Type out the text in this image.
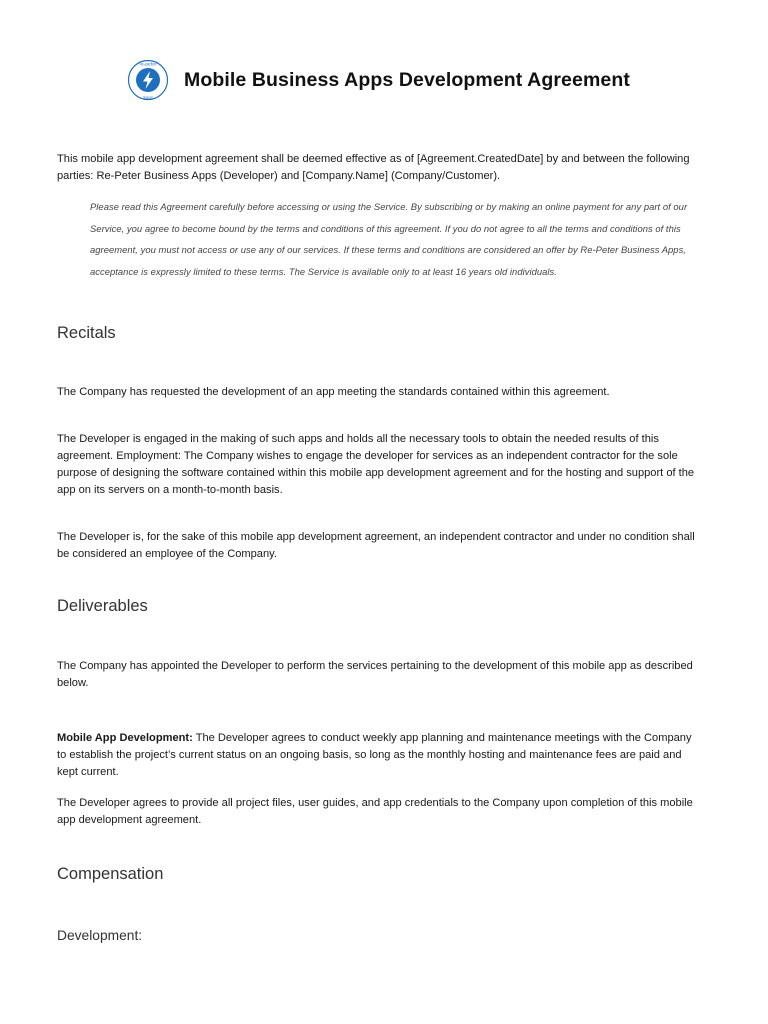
re-peter
apps
Mobile Business Apps Development Agreement
This mobile app development agreement shall be deemed effective as of [Agreement.CreatedDate] by and between the following parties: Re-Peter Business Apps (Developer) and [Company.Name] (Company/Customer).
Please read this Agreement carefully before accessing or using the Service. By subscribing or by making an online payment for any part of our Service, you agree to become bound by the terms and conditions of this agreement. If you do not agree to all the terms and conditions of this agreement, you must not access or use any of our services. If these terms and conditions are considered an offer by Re-Peter Business Apps, acceptance is expressly limited to these terms. The Service is available only to at least 16 years old individuals.
Recitals
The Company has requested the development of an app meeting the standards contained within this agreement.
The Developer is engaged in the making of such apps and holds all the necessary tools to obtain the needed results of this agreement. Employment: The Company wishes to engage the developer for services as an independent contractor for the sole purpose of designing the software contained within this mobile app development agreement and for the hosting and support of the app on its servers on a month-to-month basis.
The Developer is, for the sake of this mobile app development agreement, an independent contractor and under no condition shall be considered an employee of the Company.
Deliverables
The Company has appointed the Developer to perform the services pertaining to the development of this mobile app as described below.
Mobile App Development: The Developer agrees to conduct weekly app planning and maintenance meetings with the Company to establish the project’s current status on an ongoing basis, so long as the monthly hosting and maintenance fees are paid and kept current.
The Developer agrees to provide all project files, user guides, and app credentials to the Company upon completion of this mobile app development agreement.
Compensation
Development:
